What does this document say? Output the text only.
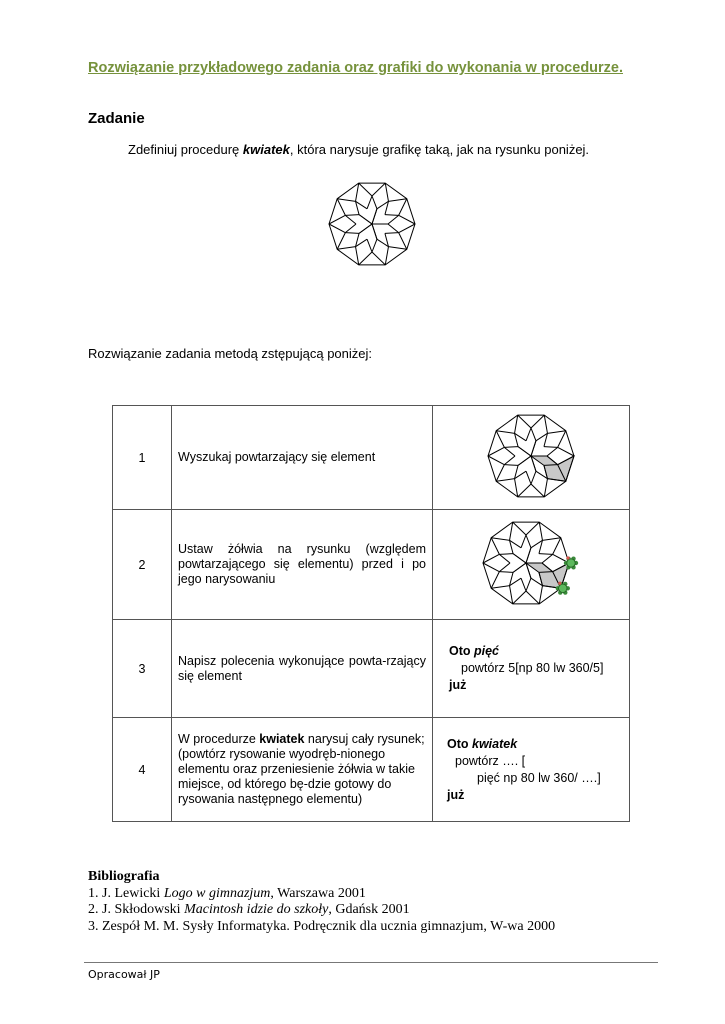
Rozwiązanie przykładowego zadania oraz grafiki do wykonania w procedurze.
Zadanie
Zdefiniuj procedurę kwiatek, która narysuje grafikę taką, jak na rysunku poniżej.
Rozwiązanie zadania metodą zstępującą poniżej:
1	Wyszukaj powtarzający się element	
2	Ustaw żółwia na rysunku (względem powtarzającego się elementu) przed i po jego narysowaniu	
3	Napisz polecenia wykonujące powta-rzający się element	Oto pięć
powtórz 5[np 80 lw 360/5]
już

4	W procedurze kwiatek narysuj cały rysunek; (powtórz rysowanie wyodręb-nionego elementu oraz przeniesienie żółwia w takie miejsce, od którego bę-dzie gotowy do rysowania następnego elementu)	Oto kwiatek
powtórz …. [
pięć np 80 lw 360/ ….]
już
Bibliografia
1. J. Lewicki Logo w gimnazjum, Warszawa 2001
2. J. Skłodowski Macintosh idzie do szkoły, Gdańsk 2001
3. Zespół M. M. Sysły Informatyka. Podręcznik dla ucznia gimnazjum, W-wa 2000
Opracował JP
